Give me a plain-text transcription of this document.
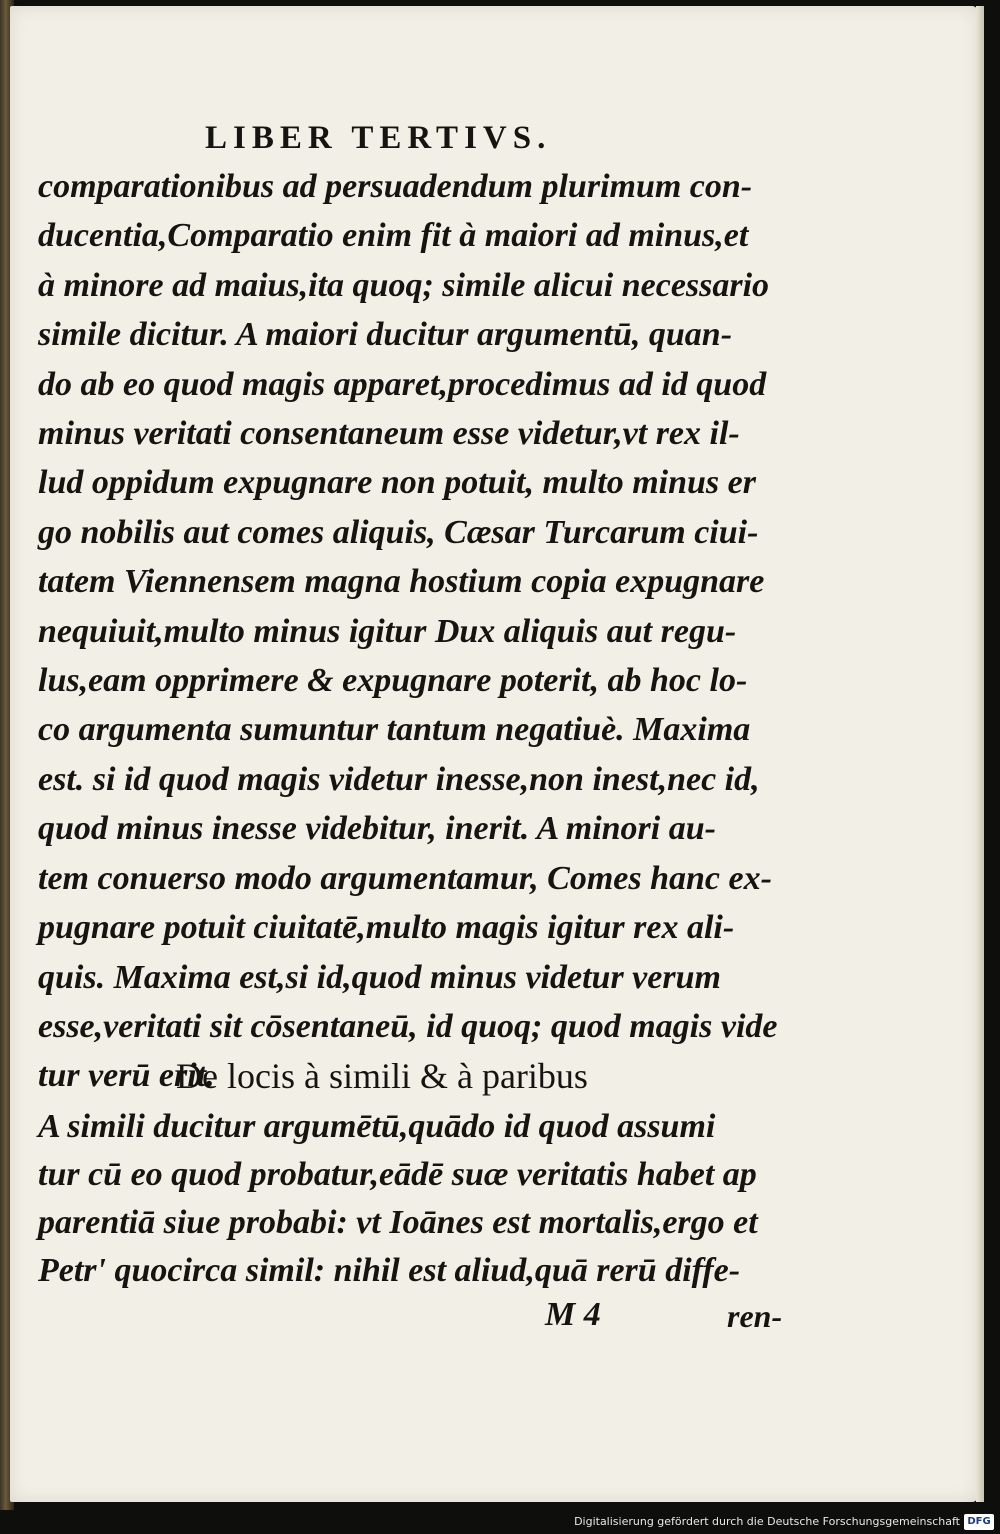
LIBER TERTIVS.
comparationibus ad persuadendum plurimum con-
ducentia,Comparatio enim fit à maiori ad minus,et
à minore ad maius,ita quoq; simile alicui necessario
simile dicitur. A maiori ducitur argumentū, quan-
do ab eo quod magis apparet,procedimus ad id quod
minus veritati consentaneum esse videtur,vt rex il-
lud oppidum expugnare non potuit, multo minus er
go nobilis aut comes aliquis, Cæsar Turcarum ciui-
tatem Viennensem magna hostium copia expugnare
nequiuit,multo minus igitur Dux aliquis aut regu-
lus,eam opprimere & expugnare poterit, ab hoc lo-
co argumenta sumuntur tantum negatiuè. Maxima
est. si id quod magis videtur inesse,non inest,nec id,
quod minus inesse videbitur, inerit. A minori au-
tem conuerso modo argumentamur, Comes hanc ex-
pugnare potuit ciuitatē,multo magis igitur rex ali-
quis. Maxima est,si id,quod minus videtur verum
esse,veritati sit cōsentaneū, id quoq; quod magis vide
tur verū erit.
De locis à simili & à paribus
A simili ducitur argumētū,quādo id quod assumi
tur cū eo quod probatur,eādē suæ veritatis habet ap
parentiā siue probabi: vt Ioānes est mortalis,ergo et
Petr' quocirca simil: nihil est aliud,quā rerū diffe-
M 4	ren-
Digitalisierung gefördert durch die Deutsche Forschungsgemeinschaft DFG
